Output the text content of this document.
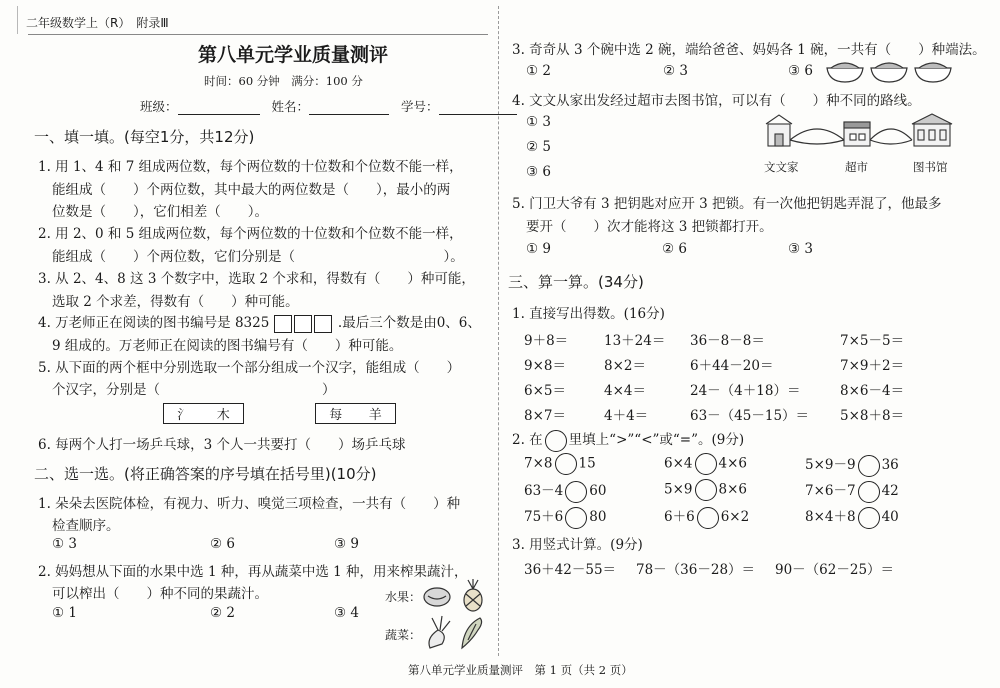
二年级数学上（R）　附录Ⅲ
第八单元学业质量测评
时间：60 分钟　满分：100 分
班级：	姓名：	学号：
一、填一填。(每空1分，共12分)
1. 用 1、4 和 7 组成两位数，每个两位数的十位数和个位数不能一样，
能组成（　　）个两位数，其中最大的两位数是（　　），最小的两
位数是（　　），它们相差（　　）。
2. 用 2、0 和 5 组成两位数，每个两位数的十位数和个位数不能一样，
能组成（　　）个两位数，它们分别是（　　　　　　　　　　　）。
3. 从 2、4、8 这 3 个数字中，选取 2 个求和，得数有（　　）种可能，
选取 2 个求差，得数有（　　）种可能。
4. 万老师正在阅读的图书编号是 8325	.最后三个数是由0、6、
9 组成的。万老师正在阅读的图书编号有（　　）种可能。
5. 从下面的两个框中分别选取一个部分组成一个汉字，能组成（　　）
个汉字，分别是（　　　　　　　　　　　　）
氵 木	每 羊
6. 每两个人打一场乒乓球，3 个人一共要打（　　）场乒乓球
二、选一选。(将正确答案的序号填在括号里)(10分)
1. 朵朵去医院体检，有视力、听力、嗅觉三项检查，一共有（　　）种
检查顺序。
① 3	② 6	③ 9
2. 妈妈想从下面的水果中选 1 种，再从蔬菜中选 1 种，用来榨果蔬汁，
可以榨出（　　）种不同的果蔬汁。
① 1	② 2	③ 4
水果：
蔬菜：
3. 奇奇从 3 个碗中选 2 碗，端给爸爸、妈妈各 1 碗，一共有（　　）种端法。
① 2	② 3	③ 6
4. 文文从家出发经过超市去图书馆，可以有（　　）种不同的路线。
① 3
② 5
③ 6	文文家	超市	图书馆
5. 门卫大爷有 3 把钥匙对应开 3 把锁。有一次他把钥匙弄混了，他最多
要开（　　）次才能将这 3 把锁都打开。
① 9	② 6	③ 3
三、算一算。(34分)
1. 直接写出得数。(16分)
9＋8＝	13＋24＝ 36－8－8＝	7×5－5＝
9×8＝	8×2＝	6＋44－20＝	7×9＋2＝
6×5＝	4×4＝	24－（4＋18）＝	8×6－4＝
8×7＝	4＋4＝	63－（45－15）＝ 5×8＋8＝
2. 在 里填上“>”“<”或“=”。(9分)
7×8 15	6×4 4×6	5×9－9 36
63－4 60	5×9 8×6	7×6－7 42
75＋6 80	6＋6 6×2	8×4＋8 40
3. 用竖式计算。(9分)
36＋42－55＝ 78－（36－28）＝ 90－（62－25）＝
第八单元学业质量测评　第 1 页（共 2 页）
